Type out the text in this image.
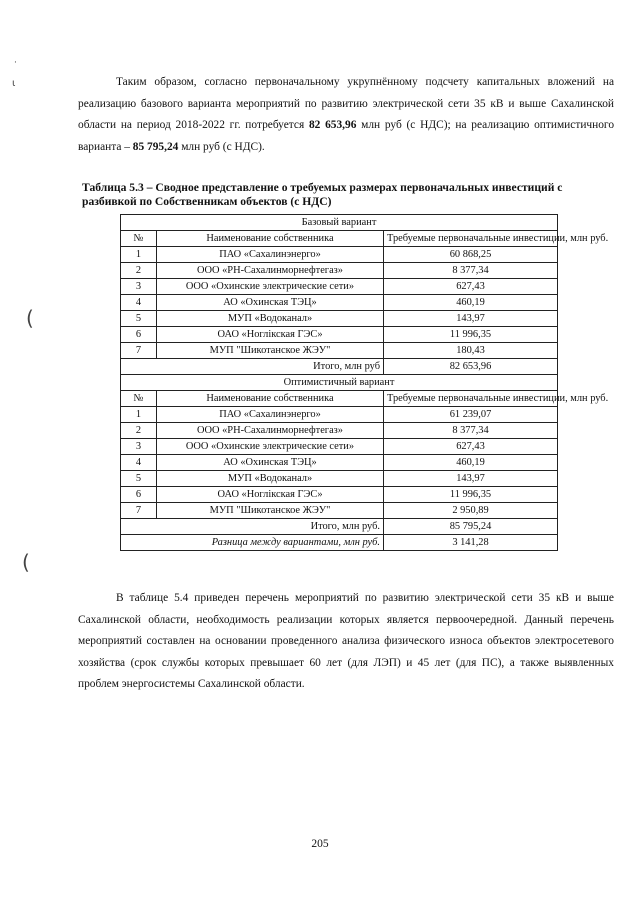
·
ι
(
(
Таким образом, согласно первоначальному укрупнённому подсчету капитальных вложений на реализацию базового варианта мероприятий по развитию электрической сети 35 кВ и выше Сахалинской области на период 2018-2022 гг. потребуется 82 653,96 млн руб (с НДС); на реализацию оптимистичного варианта – 85 795,24 млн руб (с НДС).
Таблица 5.3 – Сводное представление о требуемых размерах первоначальных инвестиций с разбивкой по Собственникам объектов (с НДС)
Базовый вариант		
№	Наименование собственника	Требуемые первоначальные инвестиции, млн руб.
1	ПАО «Сахалинэнерго»	60 868,25
2	ООО «РН-Сахалинморнефтегаз»	8 377,34
3	ООО «Охинские электрические сети»	627,43
4	АО «Охинская ТЭЦ»	460,19
5	МУП «Водоканал»	143,97
6	ОАО «Ноглікская ГЭС»	11 996,35
7	МУП "Шикотанское ЖЭУ"	180,43
Итого, млн руб		82 653,96
Оптимистичный вариант		
№	Наименование собственника	Требуемые первоначальные инвестиции, млн руб.
1	ПАО «Сахалинэнерго»	61 239,07
2	ООО «РН-Сахалинморнефтегаз»	8 377,34
3	ООО «Охинские электрические сети»	627,43
4	АО «Охинская ТЭЦ»	460,19
5	МУП «Водоканал»	143,97
6	ОАО «Ноглікская ГЭС»	11 996,35
7	МУП "Шикотанское ЖЭУ"	2 950,89
Итого, млн руб.		85 795,24
Разница между вариантами, млн руб.		3 141,28
В таблице 5.4 приведен перечень мероприятий по развитию электрической сети 35 кВ и выше Сахалинской области, необходимость реализации которых является первоочередной. Данный перечень мероприятий составлен на основании проведенного анализа физического износа объектов электросетевого хозяйства (срок службы которых превышает 60 лет (для ЛЭП) и 45 лет (для ПС), а также выявленных проблем энергосистемы Сахалинской области.
205
